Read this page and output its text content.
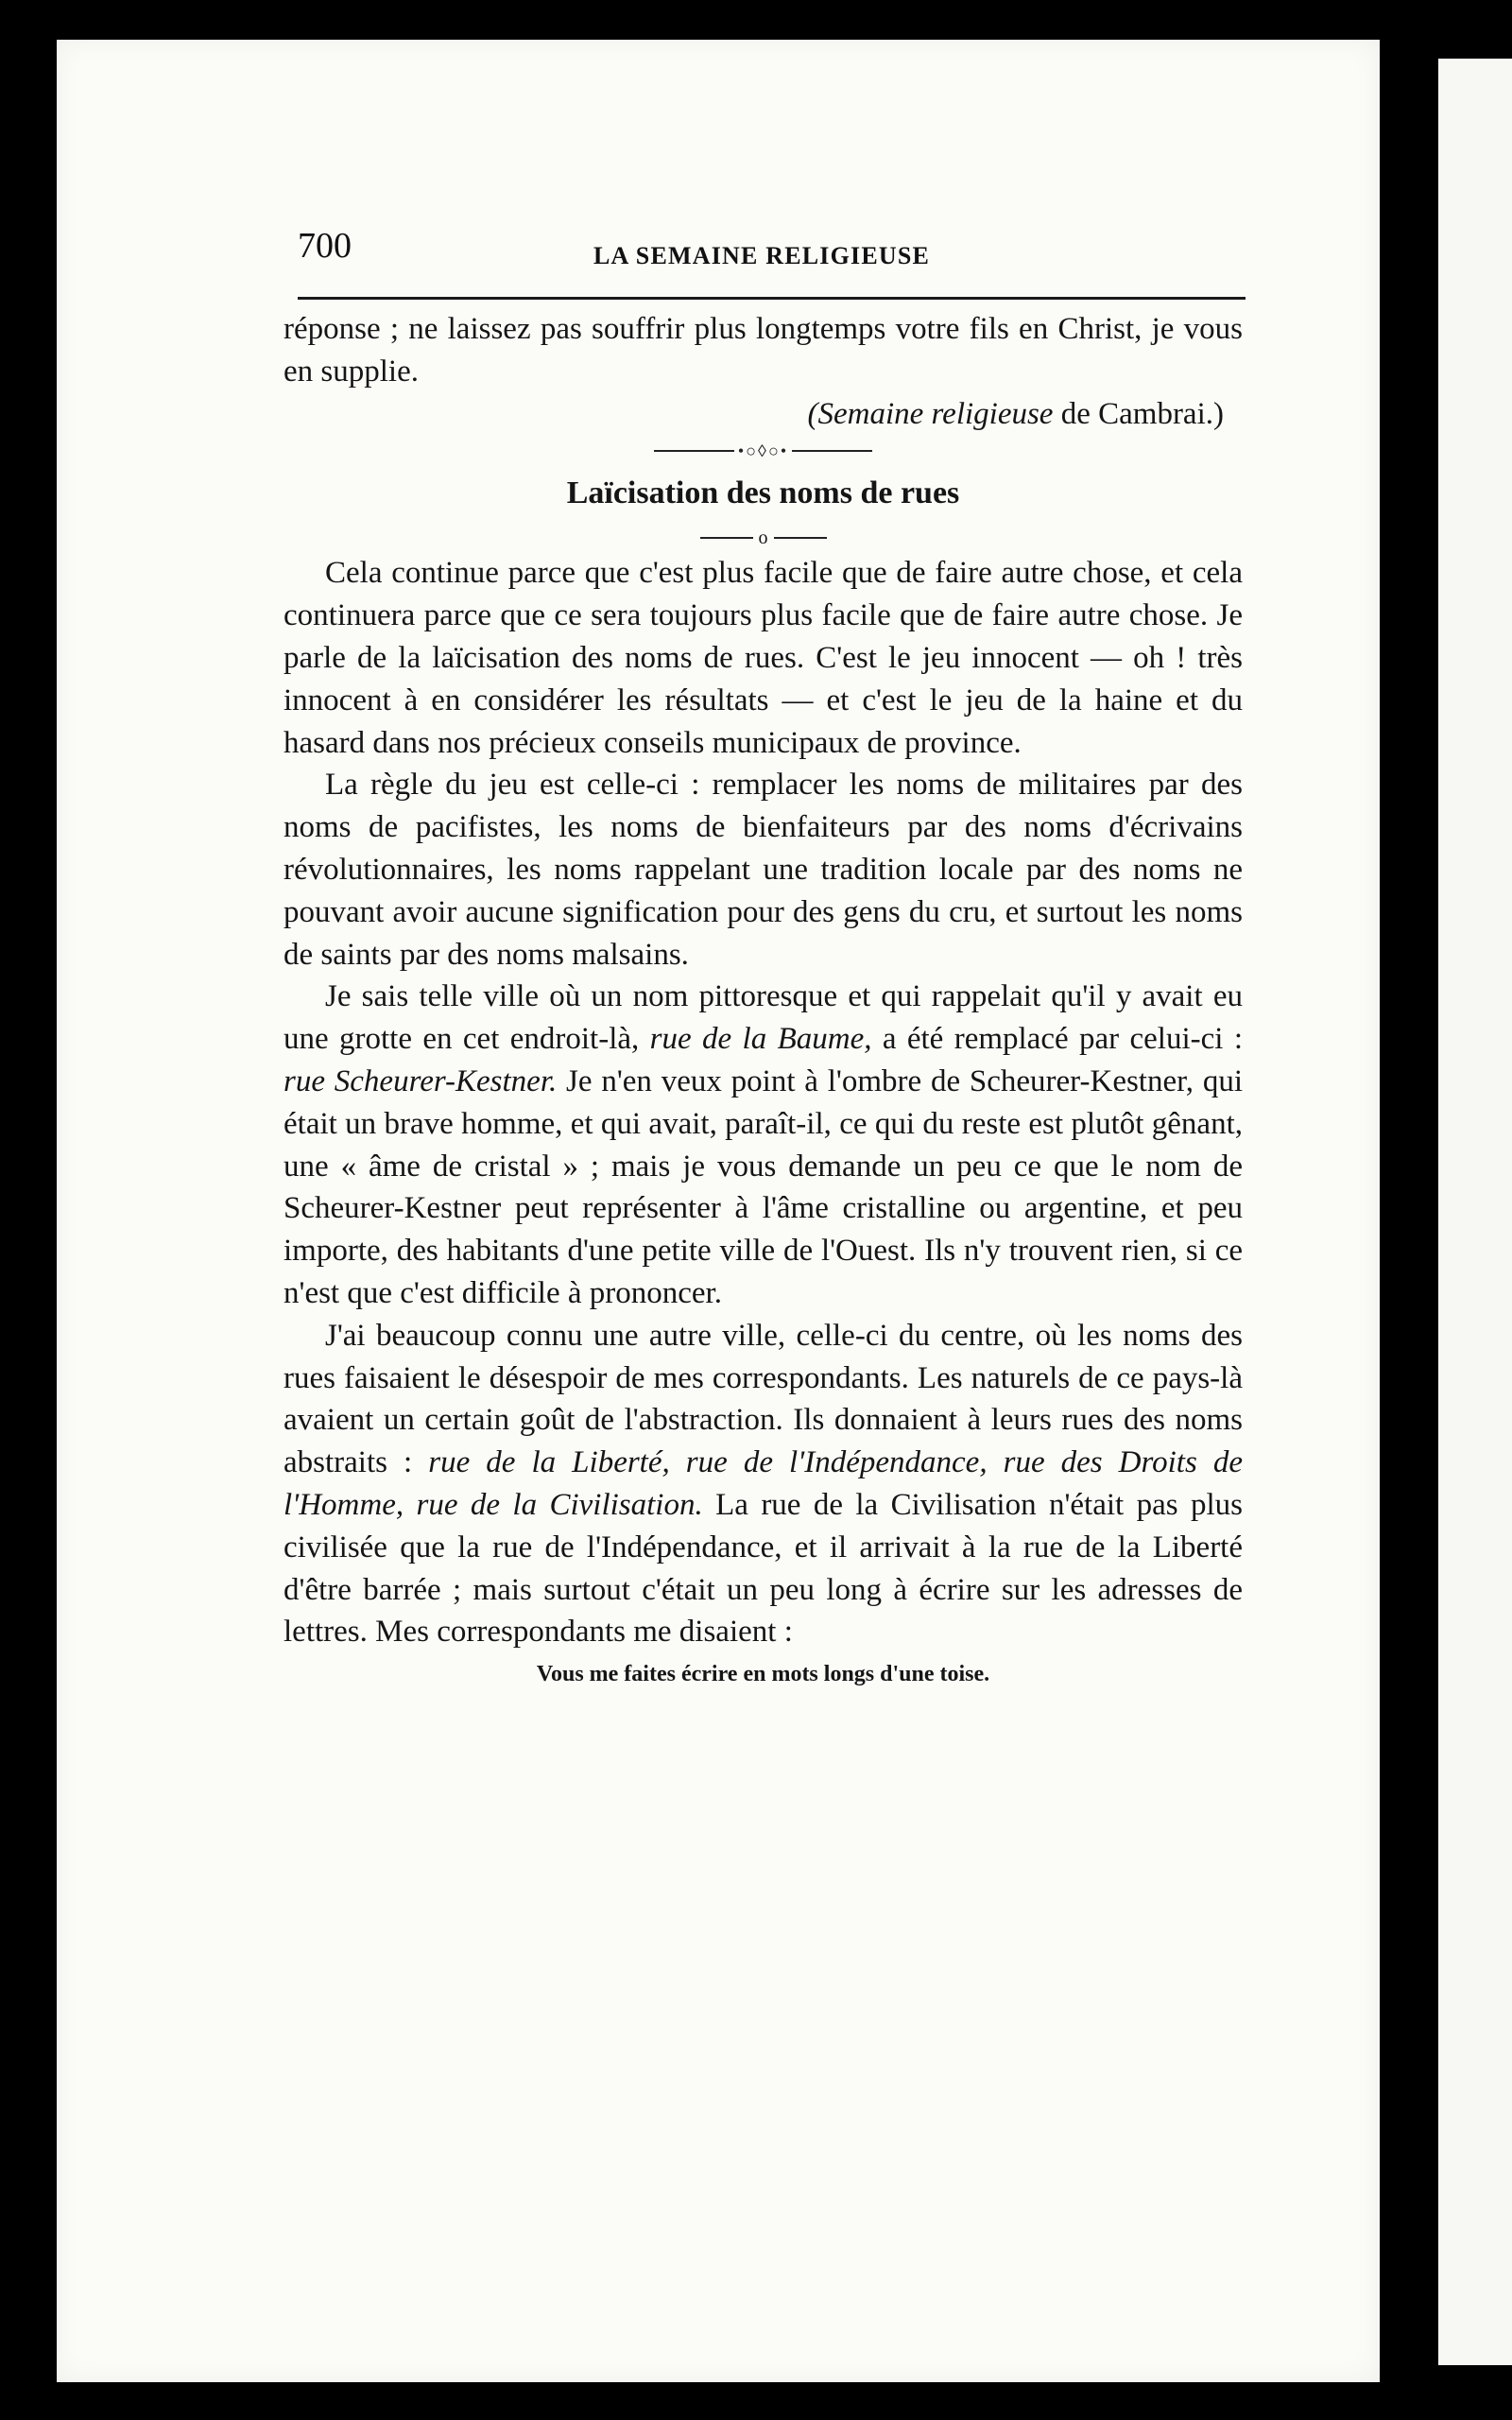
700	LA SEMAINE RELIGIEUSE

réponse ; ne laissez pas souffrir plus longtemps votre fils en Christ, je vous en supplie.

(Semaine religieuse de Cambrai.)

•○◊○•
Laïcisation des noms de rues
o

Cela continue parce que c'est plus facile que de faire autre chose, et cela continuera parce que ce sera toujours plus facile que de faire autre chose. Je parle de la laïcisation des noms de rues. C'est le jeu innocent — oh ! très innocent à en considérer les résultats — et c'est le jeu de la haine et du hasard dans nos précieux conseils municipaux de province.

La règle du jeu est celle-ci : remplacer les noms de militaires par des noms de pacifistes, les noms de bienfaiteurs par des noms d'écrivains révolutionnaires, les noms rappelant une tradition locale par des noms ne pouvant avoir aucune signification pour des gens du cru, et surtout les noms de saints par des noms malsains.

Je sais telle ville où un nom pittoresque et qui rappelait qu'il y avait eu une grotte en cet endroit-là, rue de la Baume, a été remplacé par celui-ci : rue Scheurer-Kestner. Je n'en veux point à l'ombre de Scheurer-Kestner, qui était un brave homme, et qui avait, paraît-il, ce qui du reste est plutôt gênant, une « âme de cristal » ; mais je vous demande un peu ce que le nom de Scheurer-Kestner peut représenter à l'âme cristalline ou argentine, et peu importe, des habitants d'une petite ville de l'Ouest. Ils n'y trouvent rien, si ce n'est que c'est difficile à prononcer.

J'ai beaucoup connu une autre ville, celle-ci du centre, où les noms des rues faisaient le désespoir de mes correspondants. Les naturels de ce pays-là avaient un certain goût de l'abstraction. Ils donnaient à leurs rues des noms abstraits : rue de la Liberté, rue de l'Indépendance, rue des Droits de l'Homme, rue de la Civilisation. La rue de la Civilisation n'était pas plus civilisée que la rue de l'Indépendance, et il arrivait à la rue de la Liberté d'être barrée ; mais surtout c'était un peu long à écrire sur les adresses de lettres. Mes correspondants me disaient :

Vous me faites écrire en mots longs d'une toise.
